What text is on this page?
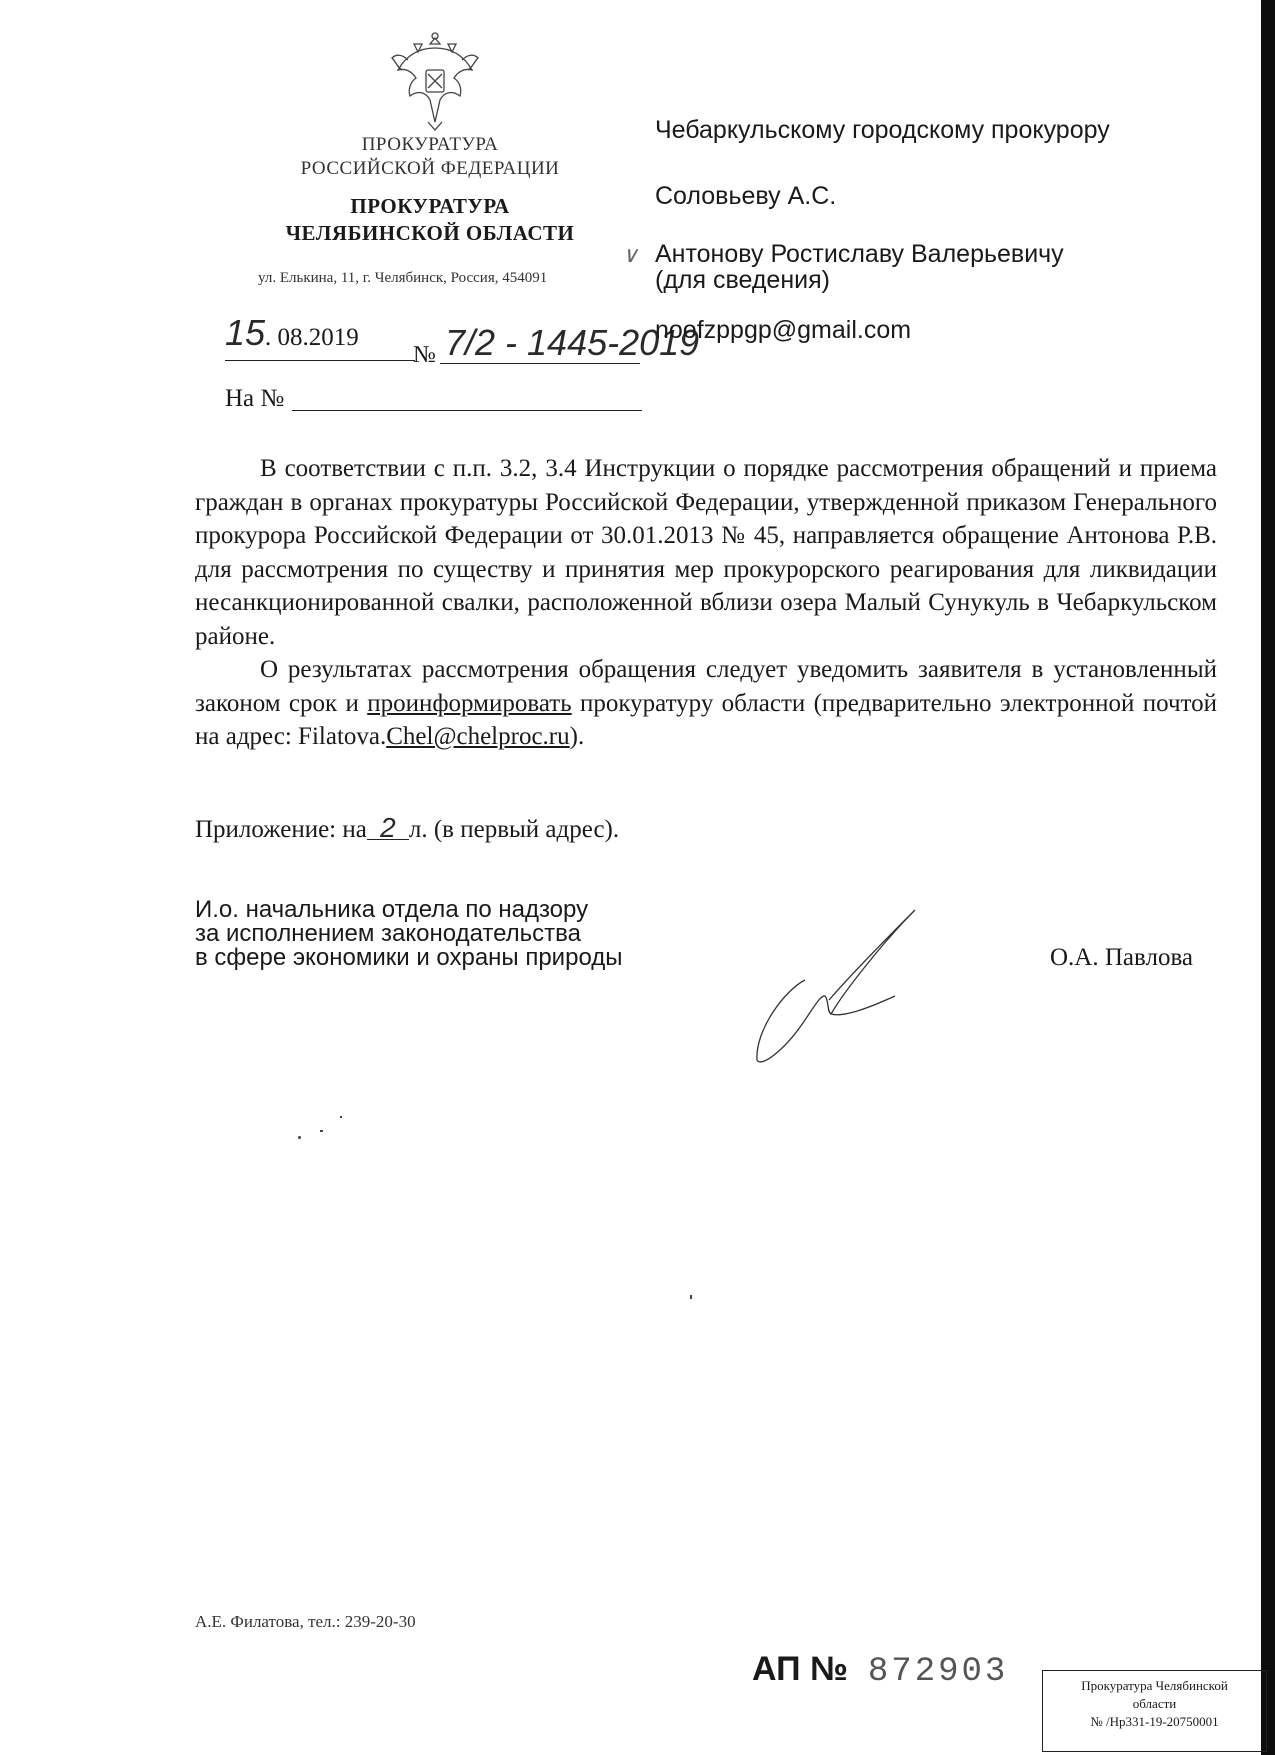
ПРОКУРАТУРА
РОССИЙСКОЙ ФЕДЕРАЦИИ
ПРОКУРАТУРА
ЧЕЛЯБИНСКОЙ ОБЛАСТИ
ул. Елькина, 11, г. Челябинск, Россия, 454091
15 . 08.2019
№ 7/2 - 1445-2019
На №
Чебаркульскому городскому прокурору
Соловьеву А.С.
Антонову Ростиславу Валерьевичу
(для сведения)
noofzppgp@gmail.com
∨

В соответствии с п.п. 3.2, 3.4 Инструкции о порядке рассмотрения обращений и приема граждан в органах прокуратуры Российской Федерации, утвержденной приказом Генерального прокурора Российской Федерации от 30.01.2013 № 45, направляется обращение Антонова Р.В. для рассмотрения по существу и принятия мер прокурорского реагирования для ликвидации несанкционированной свалки, расположенной вблизи озера Малый Сунукуль в Чебаркульском районе.

О результатах рассмотрения обращения следует уведомить заявителя в установленный законом срок и проинформировать прокуратуру области (предварительно электронной почтой на адрес: Filatova.Chel@chelproc.ru).

Приложение: на 2 л. (в первый адрес).
И.о. начальника отдела по надзору
за исполнением законодательства
в сфере экономики и охраны природы	О.А. Павлова
А.Е. Филатова, тел.: 239-20-30
АП № 872903	Прокуратура Челябинской
области
№ /Нр331-19-20750001
